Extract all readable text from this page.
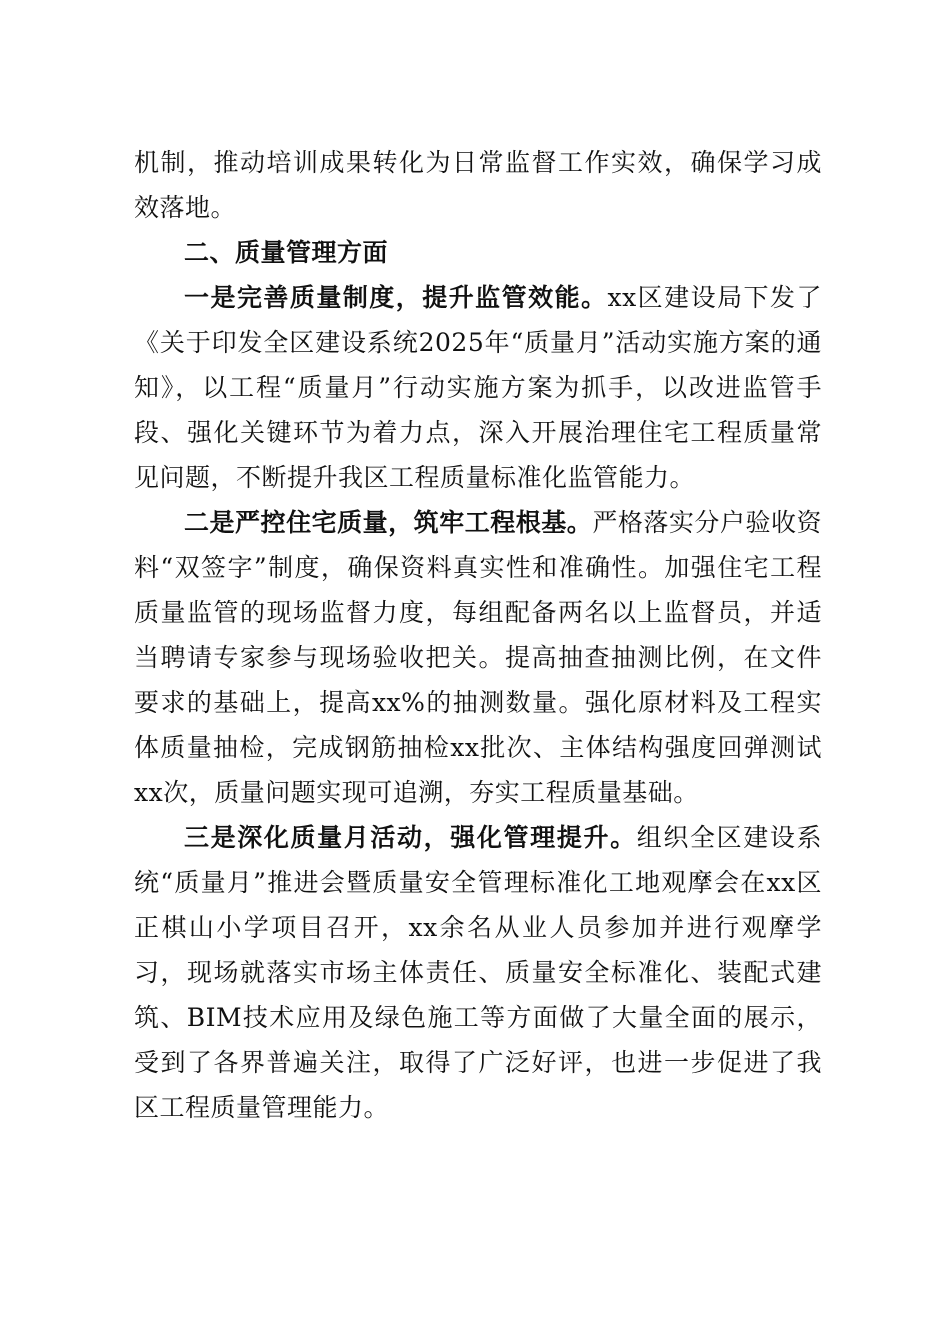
机制，推动培训成果转化为日常监督工作实效，确保学习成效落地。

二、质量管理方面

一是完善质量制度，提升监管效能。xx区建设局下发了《关于印发全区建设系统2025年“质量月”活动实施方案的通知》，以工程“质量月”行动实施方案为抓手，以改进监管手段、强化关键环节为着力点，深入开展治理住宅工程质量常见问题，不断提升我区工程质量标准化监管能力。

二是严控住宅质量，筑牢工程根基。严格落实分户验收资料“双签字”制度，确保资料真实性和准确性。加强住宅工程质量监管的现场监督力度，每组配备两名以上监督员，并适当聘请专家参与现场验收把关。提高抽查抽测比例，在文件要求的基础上，提高xx%的抽测数量。强化原材料及工程实体质量抽检，完成钢筋抽检xx批次、主体结构强度回弹测试xx次，质量问题实现可追溯，夯实工程质量基础。

三是深化质量月活动，强化管理提升。组织全区建设系统“质量月”推进会暨质量安全管理标准化工地观摩会在xx区正棋山小学项目召开，xx余名从业人员参加并进行观摩学习，现场就落实市场主体责任、质量安全标准化、装配式建筑、BIM技术应用及绿色施工等方面做了大量全面的展示，受到了各界普遍关注，取得了广泛好评，也进一步促进了我区工程质量管理能力。
